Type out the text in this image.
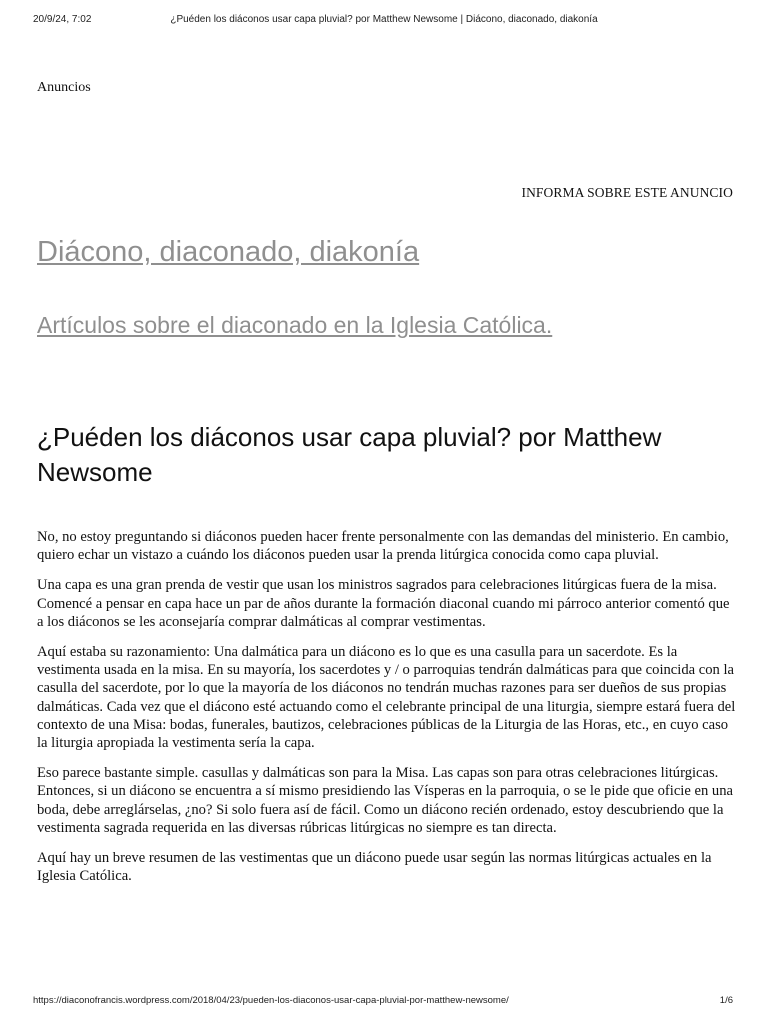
20/9/24, 7:02	¿Puéden los diáconos usar capa pluvial? por Matthew Newsome | Diácono, diaconado, diakonía
Anuncios
INFORMA SOBRE ESTE ANUNCIO
Diácono, diaconado, diakonía
Artículos sobre el diaconado en la Iglesia Católica.
¿Puéden los diáconos usar capa pluvial? por Matthew Newsome

No, no estoy preguntando si diáconos pueden hacer frente personalmente con las demandas del ministerio. En cambio, quiero echar un vistazo a cuándo los diáconos pueden usar la prenda litúrgica conocida como capa pluvial.

Una capa es una gran prenda de vestir que usan los ministros sagrados para celebraciones litúrgicas fuera de la misa. Comencé a pensar en capa hace un par de años durante la formación diaconal cuando mi párroco anterior comentó que a los diáconos se les aconsejaría comprar dalmáticas al comprar vestimentas.

Aquí estaba su razonamiento: Una dalmática para un diácono es lo que es una casulla para un sacerdote. Es la vestimenta usada en la misa. En su mayoría, los sacerdotes y / o parroquias tendrán dalmáticas para que coincida con la casulla del sacerdote, por lo que la mayoría de los diáconos no tendrán muchas razones para ser dueños de sus propias dalmáticas. Cada vez que el diácono esté actuando como el celebrante principal de una liturgia, siempre estará fuera del contexto de una Misa: bodas, funerales, bautizos, celebraciones públicas de la Liturgia de las Horas, etc., en cuyo caso la liturgia apropiada la vestimenta sería la capa.

Eso parece bastante simple. casullas y dalmáticas son para la Misa. Las capas son para otras celebraciones litúrgicas. Entonces, si un diácono se encuentra a sí mismo presidiendo las Vísperas en la parroquia, o se le pide que oficie en una boda, debe arreglárselas, ¿no? Si solo fuera así de fácil. Como un diácono recién ordenado, estoy descubriendo que la vestimenta sagrada requerida en las diversas rúbricas litúrgicas no siempre es tan directa.

Aquí hay un breve resumen de las vestimentas que un diácono puede usar según las normas litúrgicas actuales en la Iglesia Católica.

https://diaconofrancis.wordpress.com/2018/04/23/pueden-los-diaconos-usar-capa-pluvial-por-matthew-newsome/	1/6
